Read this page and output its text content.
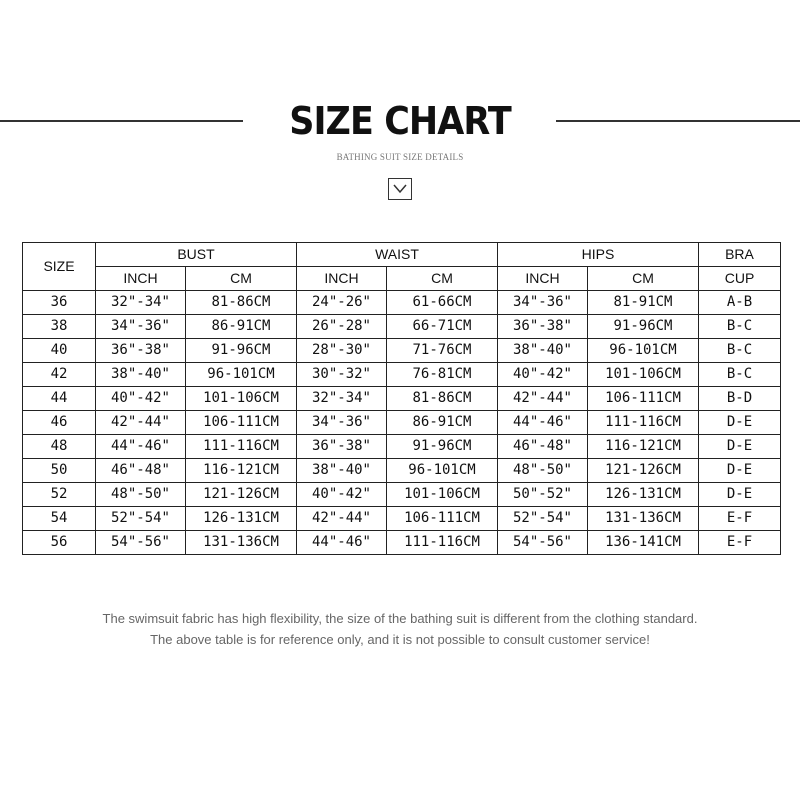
SIZE CHART
BATHING SUIT SIZE DETAILS
SIZE	BUST		WAIST		HIPS		BRA
	INCH	CM	INCH	CM	INCH	CM	CUP
36	32"-34"	81-86CM	24"-26"	61-66CM	34"-36"	81-91CM	A-B
38	34"-36"	86-91CM	26"-28"	66-71CM	36"-38"	91-96CM	B-C
40	36"-38"	91-96CM	28"-30"	71-76CM	38"-40"	96-101CM	B-C
42	38"-40"	96-101CM	30"-32"	76-81CM	40"-42"	101-106CM	B-C
44	40"-42"	101-106CM	32"-34"	81-86CM	42"-44"	106-111CM	B-D
46	42"-44"	106-111CM	34"-36"	86-91CM	44"-46"	111-116CM	D-E
48	44"-46"	111-116CM	36"-38"	91-96CM	46"-48"	116-121CM	D-E
50	46"-48"	116-121CM	38"-40"	96-101CM	48"-50"	121-126CM	D-E
52	48"-50"	121-126CM	40"-42"	101-106CM	50"-52"	126-131CM	D-E
54	52"-54"	126-131CM	42"-44"	106-111CM	52"-54"	131-136CM	E-F
56	54"-56"	131-136CM	44"-46"	111-116CM	54"-56"	136-141CM	E-F
The swimsuit fabric has high flexibility, the size of the bathing suit is different from the clothing standard.
The above table is for reference only, and it is not possible to consult customer service!
